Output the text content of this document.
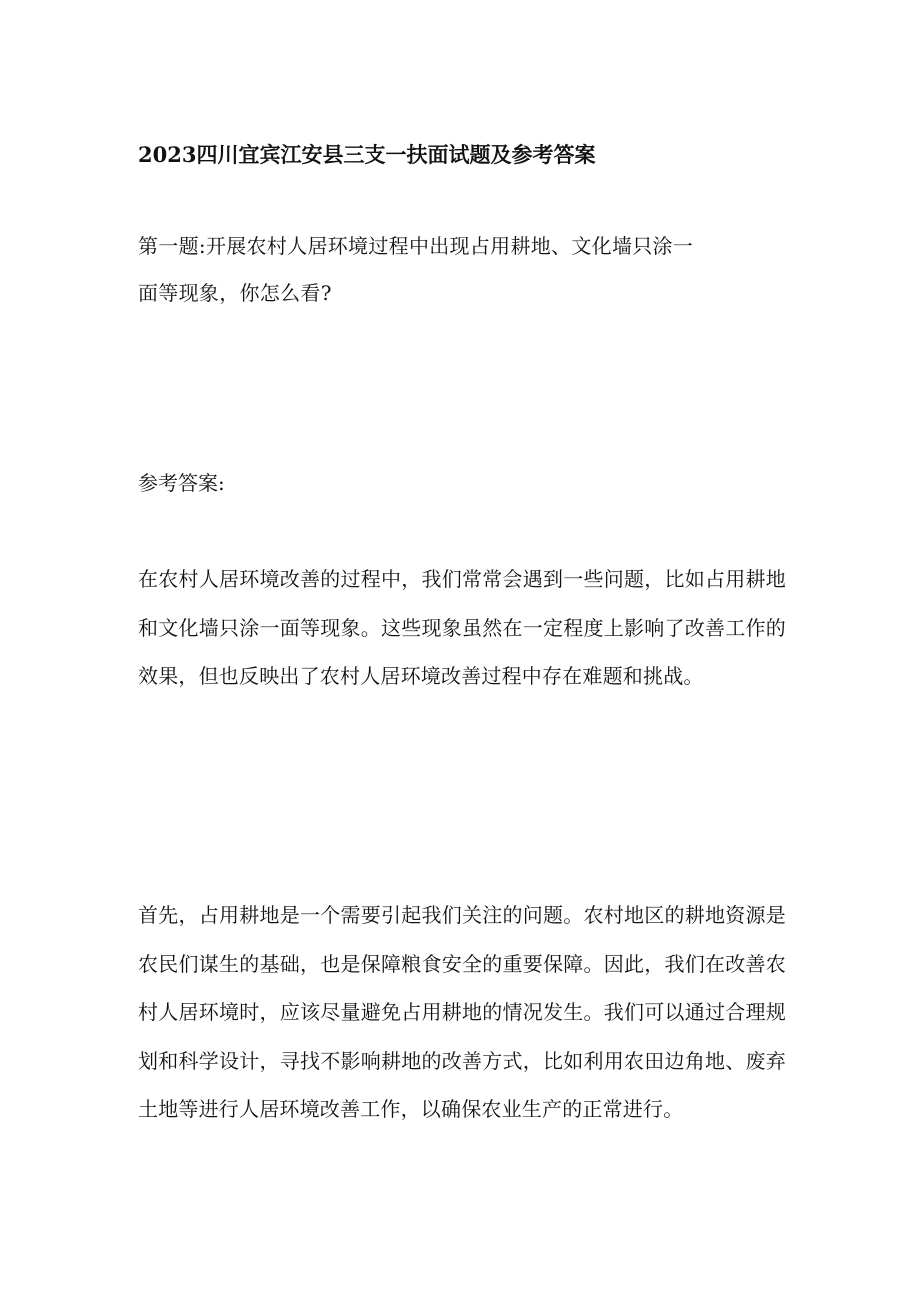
2023四川宜宾江安县三支一扶面试题及参考答案

第一题:开展农村人居环境过程中出现占用耕地、文化墙只涂一
面等现象，你怎么看?

参考答案:

在农村人居环境改善的过程中，我们常常会遇到一些问题，比如占用耕地和文化墙只涂一面等现象。这些现象虽然在一定程度上影响了改善工作的效果，但也反映出了农村人居环境改善过程中存在难题和挑战。

首先，占用耕地是一个需要引起我们关注的问题。农村地区的耕地资源是农民们谋生的基础，也是保障粮食安全的重要保障。因此，我们在改善农村人居环境时，应该尽量避免占用耕地的情况发生。我们可以通过合理规划和科学设计，寻找不影响耕地的改善方式，比如利用农田边角地、废弃土地等进行人居环境改善工作，以确保农业生产的正常进行。
